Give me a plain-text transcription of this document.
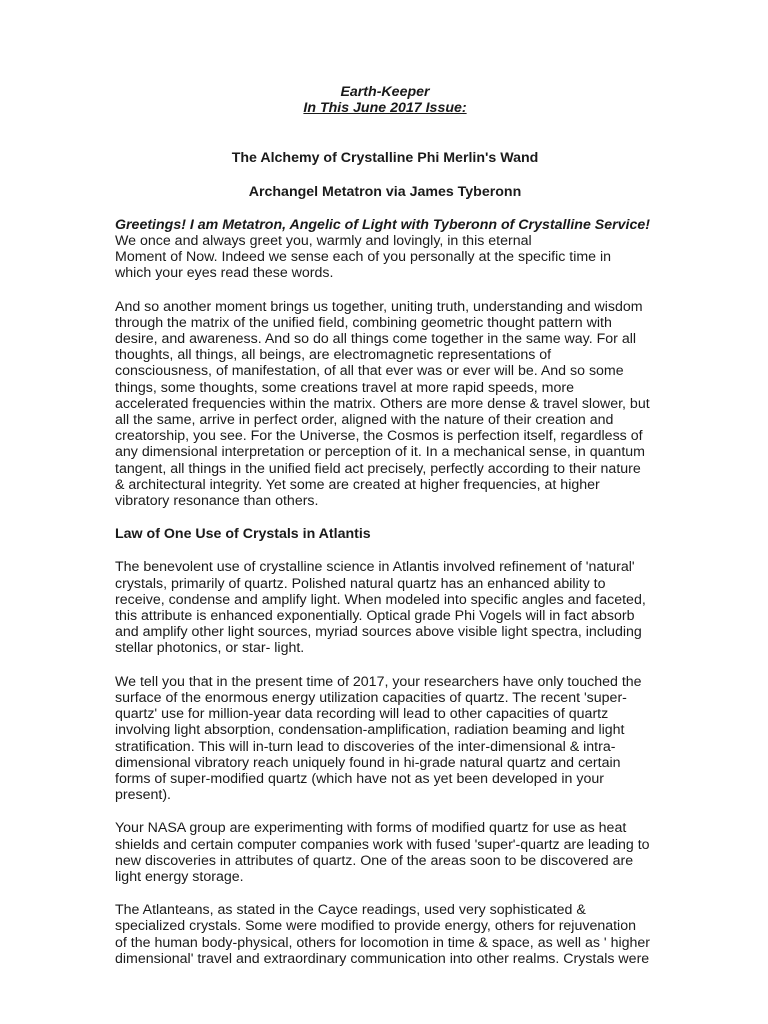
Earth-Keeper

In This June 2017 Issue:

The Alchemy of Crystalline Phi Merlin's Wand

Archangel Metatron via James Tyberonn

Greetings! I am Metatron, Angelic of Light with Tyberonn of Crystalline Service! We once and always greet you, warmly and lovingly, in this eternal
Moment of Now. Indeed we sense each of you personally at the specific time in
which your eyes read these words.

And so another moment brings us together, uniting truth, understanding and wisdom
through the matrix of the unified field, combining geometric thought pattern with
desire, and awareness. And so do all things come together in the same way. For all
thoughts, all things, all beings, are electromagnetic representations of
consciousness, of manifestation, of all that ever was or ever will be. And so some
things, some thoughts, some creations travel at more rapid speeds, more
accelerated frequencies within the matrix. Others are more dense & travel slower, but
all the same, arrive in perfect order, aligned with the nature of their creation and
creatorship, you see. For the Universe, the Cosmos is perfection itself, regardless of
any dimensional interpretation or perception of it. In a mechanical sense, in quantum
tangent, all things in the unified field act precisely, perfectly according to their nature
& architectural integrity. Yet some are created at higher frequencies, at higher
vibratory resonance than others.

Law of One Use of Crystals in Atlantis

The benevolent use of crystalline science in Atlantis involved refinement of 'natural'
crystals, primarily of quartz. Polished natural quartz has an enhanced ability to
receive, condense and amplify light. When modeled into specific angles and faceted,
this attribute is enhanced exponentially. Optical grade Phi Vogels will in fact absorb
and amplify other light sources, myriad sources above visible light spectra, including
stellar photonics, or star- light.

We tell you that in the present time of 2017, your researchers have only touched the
surface of the enormous energy utilization capacities of quartz. The recent 'super-
quartz' use for million-year data recording will lead to other capacities of quartz
involving light absorption, condensation-amplification, radiation beaming and light
stratification. This will in-turn lead to discoveries of the inter-dimensional & intra-
dimensional vibratory reach uniquely found in hi-grade natural quartz and certain
forms of super-modified quartz (which have not as yet been developed in your
present).

Your NASA group are experimenting with forms of modified quartz for use as heat
shields and certain computer companies work with fused 'super'-quartz are leading to
new discoveries in attributes of quartz. One of the areas soon to be discovered are
light energy storage.

The Atlanteans, as stated in the Cayce readings, used very sophisticated &
specialized crystals. Some were modified to provide energy, others for rejuvenation
of the human body-physical, others for locomotion in time & space, as well as ' higher
dimensional' travel and extraordinary communication into other realms. Crystals were
